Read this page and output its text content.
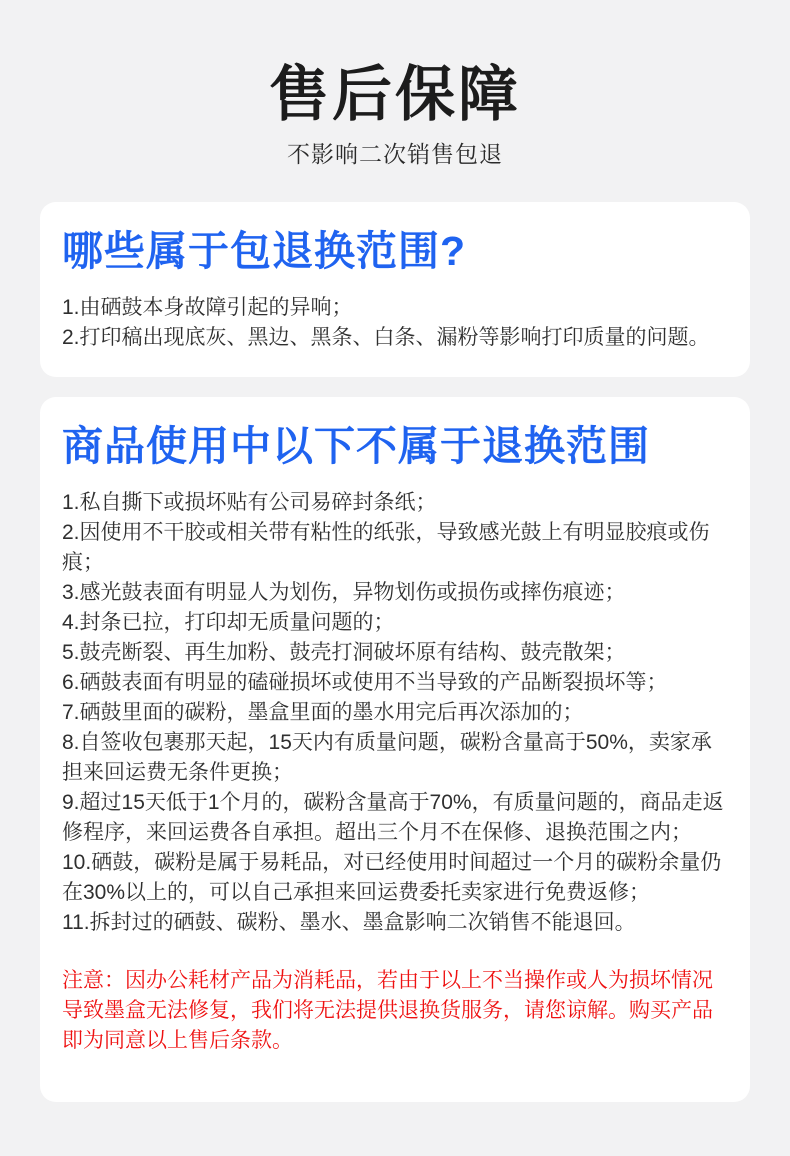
售后保障

不影响二次销售包退

哪些属于包退换范围?

1.由硒鼓本身故障引起的异响；

2.打印稿出现底灰、黑边、黑条、白条、漏粉等影响打印质量的问题。

商品使用中以下不属于退换范围

1.私自撕下或损坏贴有公司易碎封条纸；

2.因使用不干胶或相关带有粘性的纸张，导致感光鼓上有明显胶痕或伤痕；

3.感光鼓表面有明显人为划伤，异物划伤或损伤或摔伤痕迹；

4.封条已拉，打印却无质量问题的；

5.鼓壳断裂、再生加粉、鼓壳打洞破坏原有结构、鼓壳散架；

6.硒鼓表面有明显的磕碰损坏或使用不当导致的产品断裂损坏等；

7.硒鼓里面的碳粉，墨盒里面的墨水用完后再次添加的；

8.自签收包裹那天起，15天内有质量问题，碳粉含量高于50%，卖家承担来回运费无条件更换；

9.超过15天低于1个月的，碳粉含量高于70%，有质量问题的，商品走返修程序，来回运费各自承担。超出三个月不在保修、退换范围之内；

10.硒鼓，碳粉是属于易耗品，对已经使用时间超过一个月的碳粉余量仍在30%以上的，可以自己承担来回运费委托卖家进行免费返修；

11.拆封过的硒鼓、碳粉、墨水、墨盒影响二次销售不能退回。

注意：因办公耗材产品为消耗品，若由于以上不当操作或人为损坏情况导致墨盒无法修复，我们将无法提供退换货服务，请您谅解。购买产品即为同意以上售后条款。
